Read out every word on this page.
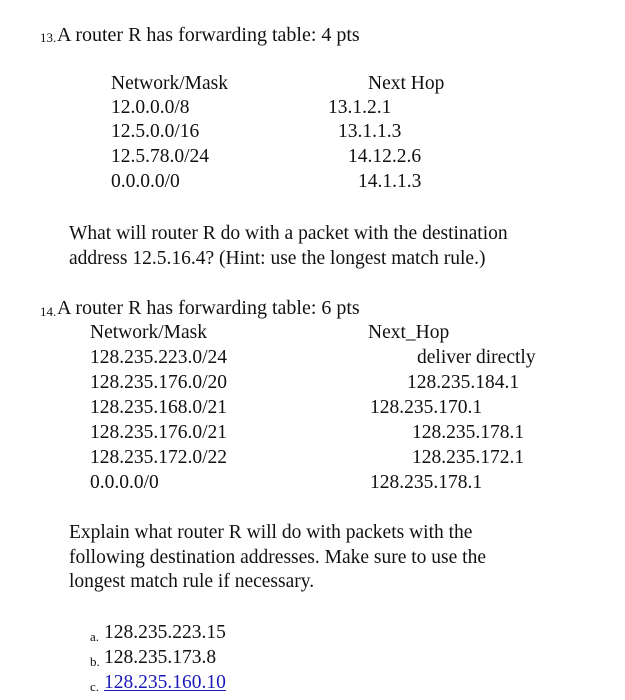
13. A router R has forwarding table: 4 pts
Network/Mask	Next Hop
12.0.0.0/8	13.1.2.1
12.5.0.0/16	13.1.1.3
12.5.78.0/24	14.12.2.6
0.0.0.0/0	14.1.1.3
What will router R do with a packet with the destination
address 12.5.16.4? (Hint: use the longest match rule.)
14. A router R has forwarding table: 6 pts
Network/Mask	Next_Hop
128.235.223.0/24	deliver directly
128.235.176.0/20	128.235.184.1
128.235.168.0/21	128.235.170.1
128.235.176.0/21	128.235.178.1
128.235.172.0/22	128.235.172.1
0.0.0.0/0	128.235.178.1
Explain what router R will do with packets with the
following destination addresses. Make sure to use the
longest match rule if necessary.
a. 128.235.223.15
b. 128.235.173.8
c. 128.235.160.10
